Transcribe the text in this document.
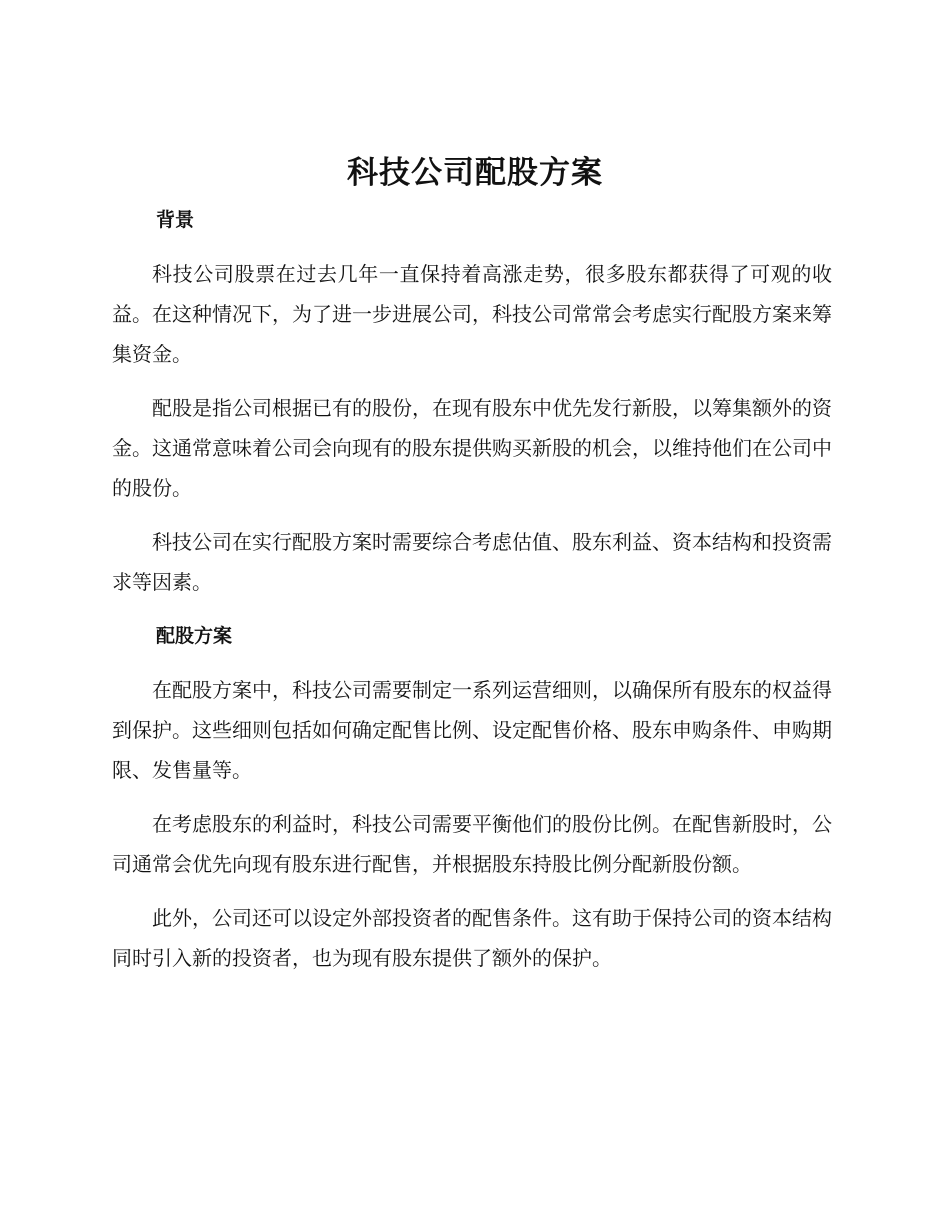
科技公司配股方案
背景

科技公司股票在过去几年一直保持着高涨走势，很多股东都获得了可观的收益。在这种情况下，为了进一步进展公司，科技公司常常会考虑实行配股方案来筹集资金。

配股是指公司根据已有的股份，在现有股东中优先发行新股，以筹集额外的资金。这通常意味着公司会向现有的股东提供购买新股的机会，以维持他们在公司中的股份。

科技公司在实行配股方案时需要综合考虑估值、股东利益、资本结构和投资需求等因素。

配股方案

在配股方案中，科技公司需要制定一系列运营细则，以确保所有股东的权益得到保护。这些细则包括如何确定配售比例、设定配售价格、股东申购条件、申购期限、发售量等。

在考虑股东的利益时，科技公司需要平衡他们的股份比例。在配售新股时，公司通常会优先向现有股东进行配售，并根据股东持股比例分配新股份额。

此外，公司还可以设定外部投资者的配售条件。这有助于保持公司的资本结构同时引入新的投资者，也为现有股东提供了额外的保护。
